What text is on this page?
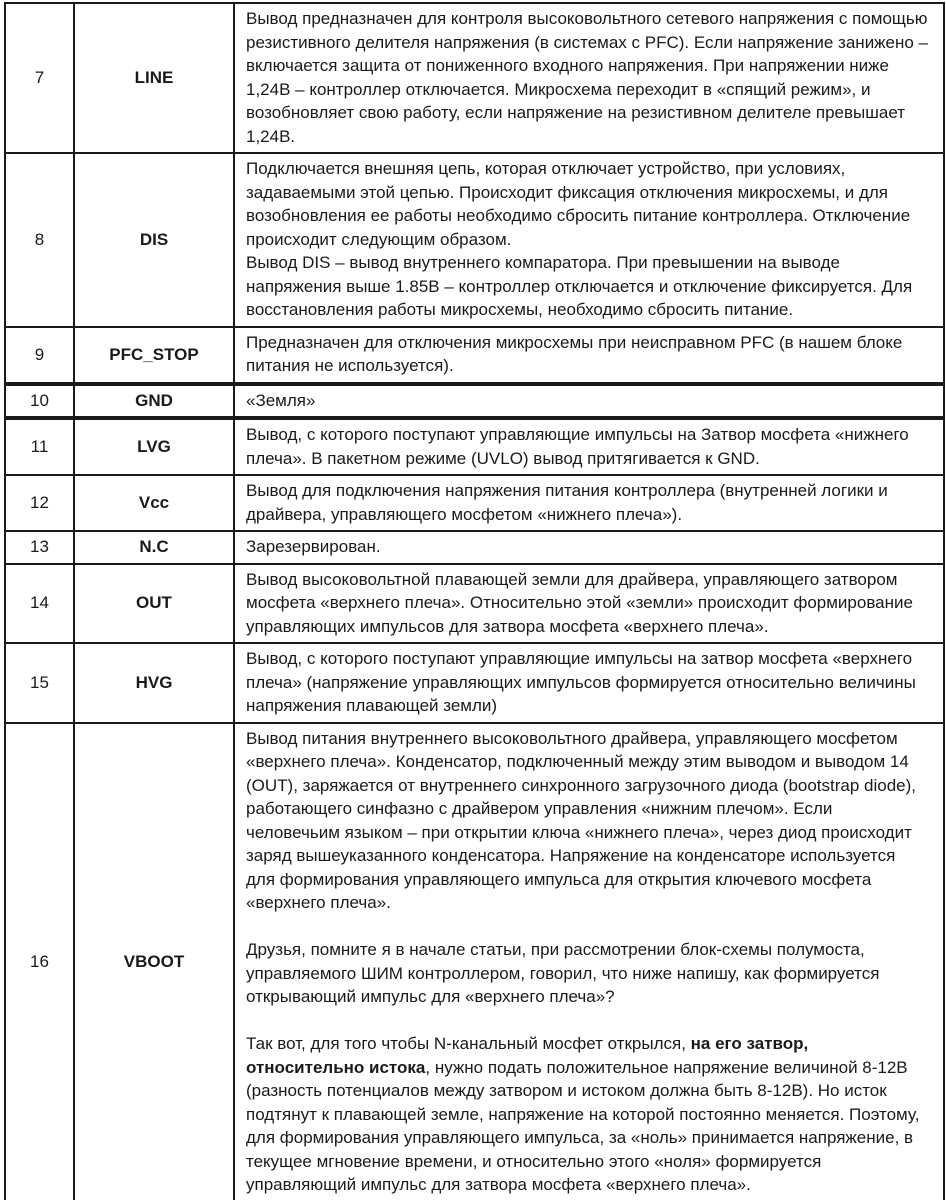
7	LINE	Вывод предназначен для контроля высоковольтного сетевого напряжения с помощью резистивного делителя напряжения (в системах с PFC). Если напряжение занижено – включается защита от пониженного входного напряжения. При напряжении ниже 1,24В – контроллер отключается. Микросхема переходит в «спящий режим», и возобновляет свою работу, если напряжение на резистивном делителе превышает 1,24В.

8	DIS	Подключается внешняя цепь, которая отключает устройство, при условиях, задаваемыми этой цепью. Происходит фиксация отключения микросхемы, и для возобновления ее работы необходимо сбросить питание контроллера. Отключение происходит следующим образом.
Вывод DIS – вывод внутреннего компаратора. При превышении на выводе напряжения выше 1.85В – контроллер отключается и отключение фиксируется. Для восстановления работы микросхемы, необходимо сбросить питание.

9	PFC_STOP	Предназначен для отключения микросхемы при неисправном PFC (в нашем блоке питания не используется).

10	GND	«Земля»

11	LVG	Вывод, с которого поступают управляющие импульсы на Затвор мосфета «нижнего плеча». В пакетном режиме (UVLO) вывод притягивается к GND.

12	Vcc	Вывод для подключения напряжения питания контроллера (внутренней логики и драйвера, управляющего мосфетом «нижнего плеча»).

13	N.C	Зарезервирован.

14	OUT	Вывод высоковольтной плавающей земли для драйвера, управляющего затвором мосфета «верхнего плеча». Относительно этой «земли» происходит формирование управляющих импульсов для затвора мосфета «верхнего плеча».

15	HVG	Вывод, с которого поступают управляющие импульсы на затвор мосфета «верхнего плеча» (напряжение управляющих импульсов формируется относительно величины напряжения плавающей земли)

16	VBOOT	Вывод питания внутреннего высоковольтного драйвера, управляющего мосфетом «верхнего плеча». Конденсатор, подключенный между этим выводом и выводом 14 (OUT), заряжается от внутреннего синхронного загрузочного диода (bootstrap diode), работающего синфазно с драйвером управления «нижним плечом». Если человечьим языком – при открытии ключа «нижнего плеча», через диод происходит заряд вышеуказанного конденсатора. Напряжение на конденсаторе используется для формирования управляющего импульса для открытия ключевого мосфета «верхнего плеча».
Друзья, помните я в начале статьи, при рассмотрении блок-схемы полумоста, управляемого ШИМ контроллером, говорил, что ниже напишу, как формируется открывающий импульс для «верхнего плеча»?
Так вот, для того чтобы N-канальный мосфет открылся, на его затвор, относительно истока, нужно подать положительное напряжение величиной 8-12В (разность потенциалов между затвором и истоком должна быть 8-12В). Но исток подтянут к плавающей земле, напряжение на которой постоянно меняется. Поэтому, для формирования управляющего импульса, за «ноль» принимается напряжение, в текущее мгновение времени, и относительно этого «ноля» формируется управляющий импульс для затвора мосфета «верхнего плеча».
